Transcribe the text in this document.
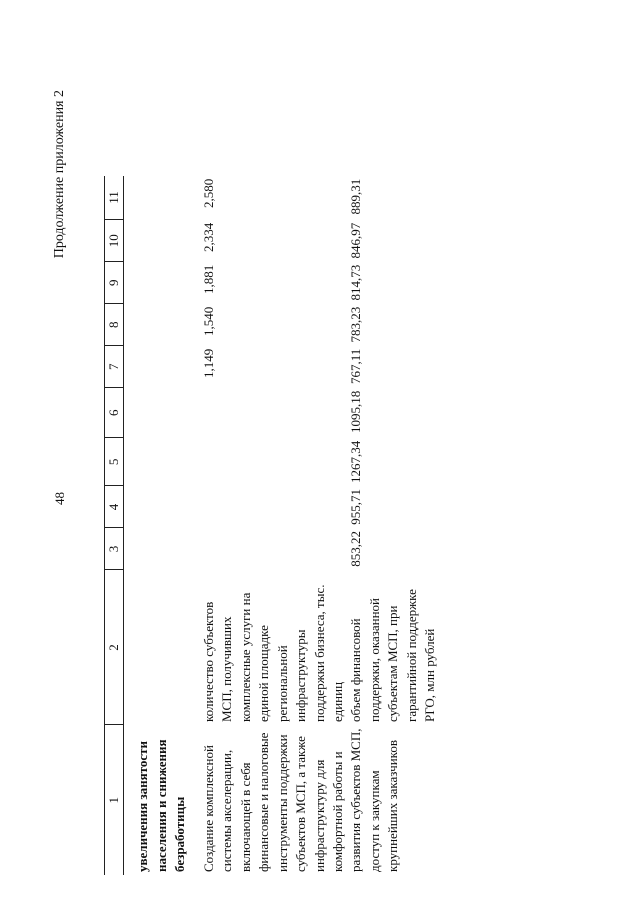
48
Продолжение приложения 2
1	2	3	4	5	6	7	8	9	10	11

увеличения занятости населения и снижения безработицы										

Создание комплексной системы акселерации, включающей в себя финансовые и налоговые инструменты поддержки субъектов МСП, а также инфраструктуру для комфортной работы и развития субъектов МСП, доступ к закупкам крупнейших заказчиков	количество субъектов МСП, получивших комплексные услуги на единой площадке региональной инфраструктуры поддержки бизнеса, тыс. единиц					1,149	1,540	1,881	2,334	2,580
	объем финансовой поддержки, оказанной субъектам МСП, при гарантийной поддержке РГО, млн рублей	853,22	955,71	1267,34	1095,18	767,11	783,23	814,73	846,97	889,31
